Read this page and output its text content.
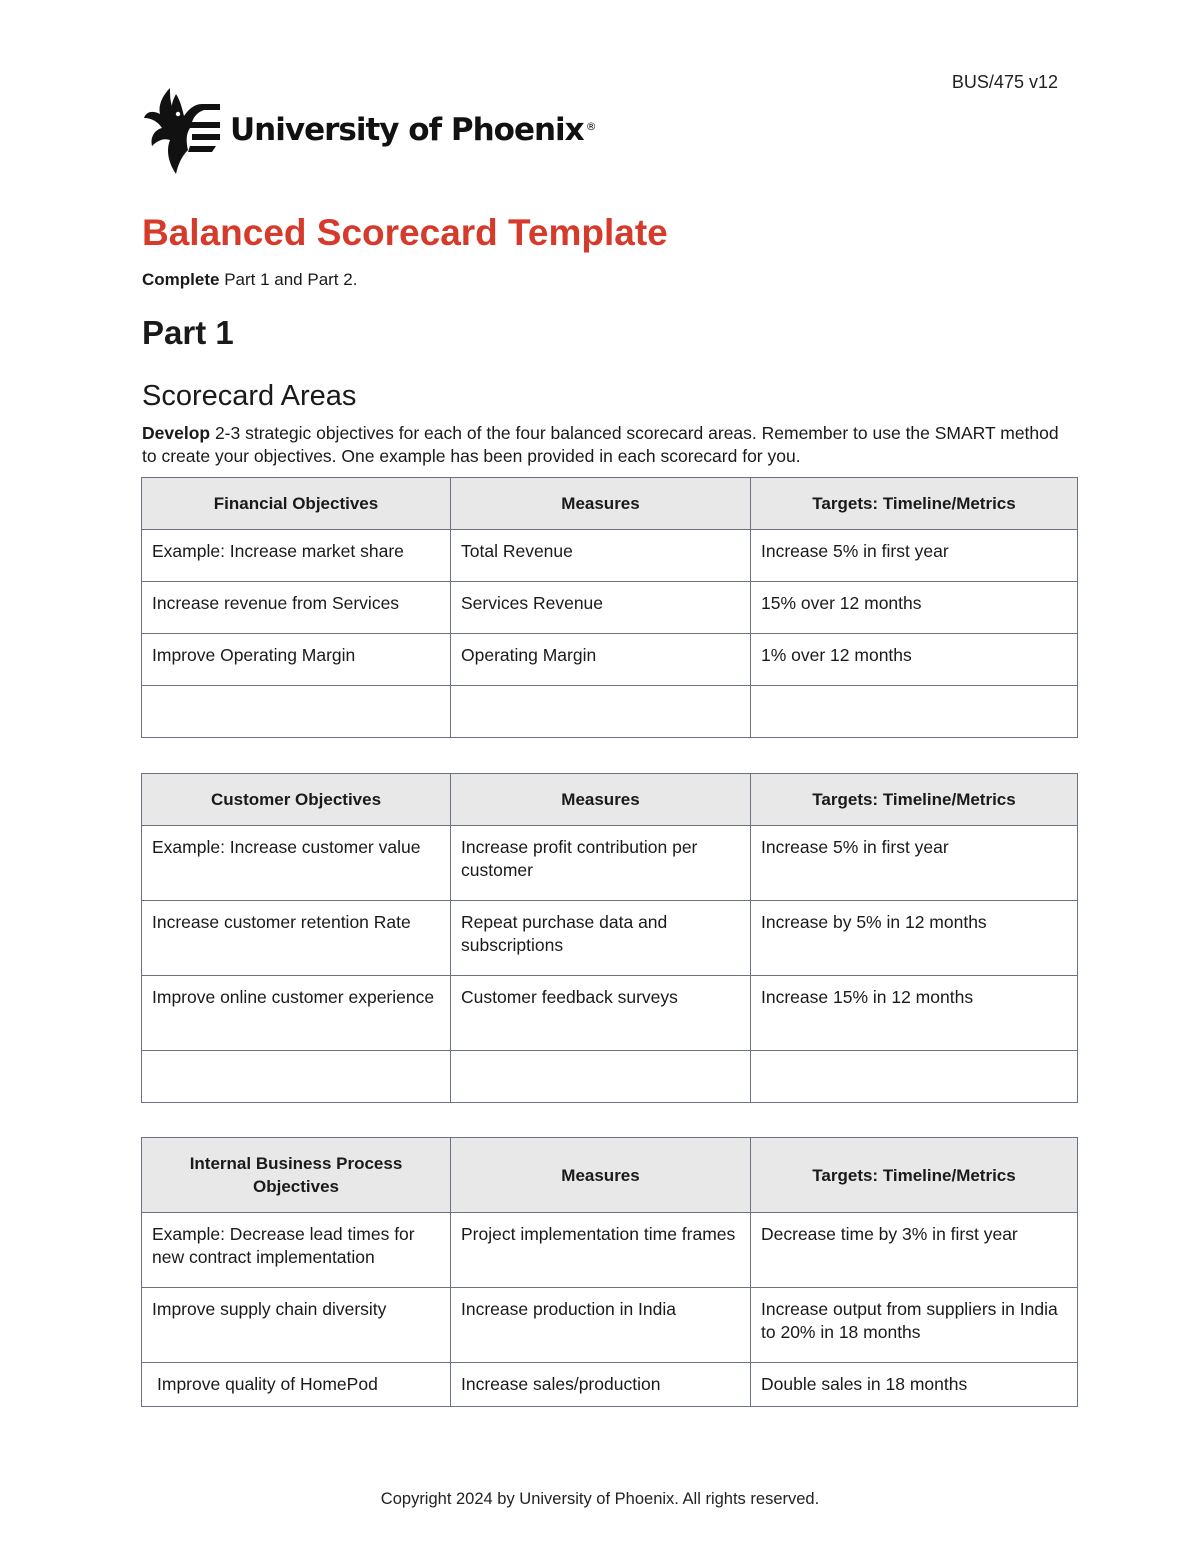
BUS/475 v12
University of Phoenix ®
Balanced Scorecard Template
Complete Part 1 and Part 2.
Part 1
Scorecard Areas

Develop 2-3 strategic objectives for each of the four balanced scorecard areas. Remember to use the SMART method to create your objectives. One example has been provided in each scorecard for you.

Financial Objectives	Measures	Targets: Timeline/Metrics
Example: Increase market share	Total Revenue	Increase 5% in first year
Increase revenue from Services	Services Revenue	15% over 12 months
Improve Operating Margin	Operating Margin	1% over 12 months

Customer Objectives	Measures	Targets: Timeline/Metrics
Example: Increase customer value	Increase profit contribution per customer	Increase 5% in first year
Increase customer retention Rate	Repeat purchase data and subscriptions	Increase by 5% in 12 months
Improve online customer experience	Customer feedback surveys	Increase 15% in 12 months

Internal Business Process Objectives	Measures	Targets: Timeline/Metrics
Example: Decrease lead times for new contract implementation	Project implementation time frames	Decrease time by 3% in first year
Improve supply chain diversity	Increase production in India	Increase output from suppliers in India to 20% in 18 months
Improve quality of HomePod	Increase sales/production	Double sales in 18 months
Copyright 2024 by University of Phoenix. All rights reserved.
